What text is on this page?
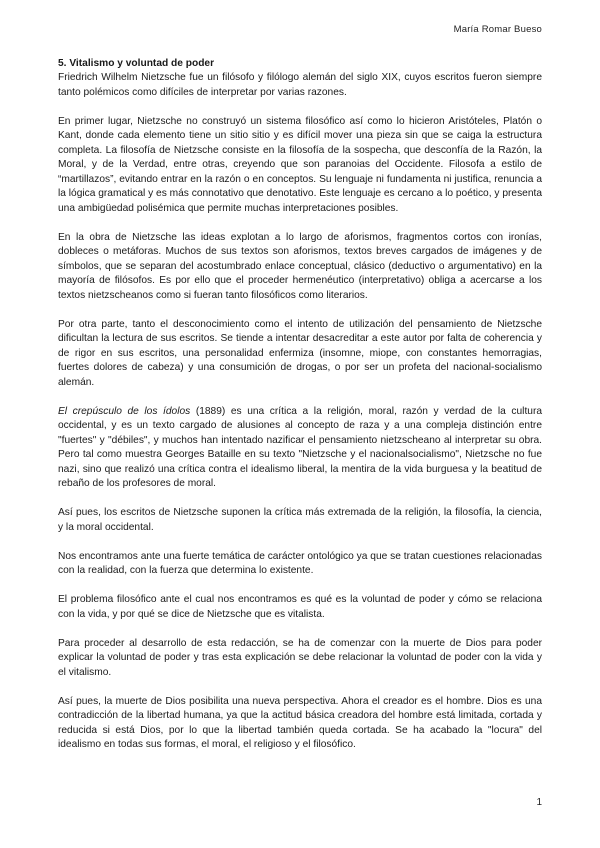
María Romar Bueso

5. Vitalismo y voluntad de poder

Friedrich Wilhelm Nietzsche fue un filósofo y filólogo alemán del siglo XIX, cuyos escritos fueron siempre tanto polémicos como difíciles de interpretar por varias razones.

En primer lugar, Nietzsche no construyó un sistema filosófico así como lo hicieron Aristóteles, Platón o Kant, donde cada elemento tiene un sitio sitio y es difícil mover una pieza sin que se caiga la estructura completa. La filosofía de Nietzsche consiste en la filosofía de la sospecha, que desconfía de la Razón, la Moral, y de la Verdad, entre otras, creyendo que son paranoias del Occidente. Filosofa a estilo de “martillazos”, evitando entrar en la razón o en conceptos. Su lenguaje ni fundamenta ni justifica, renuncia a la lógica gramatical y es más connotativo que denotativo. Este lenguaje es cercano a lo poético, y presenta una ambigüedad polisémica que permite muchas interpretaciones posibles.

En la obra de Nietzsche las ideas explotan a lo largo de aforismos, fragmentos cortos con ironías, dobleces o metáforas. Muchos de sus textos son aforismos, textos breves cargados de imágenes y de símbolos, que se separan del acostumbrado enlace conceptual, clásico (deductivo o argumentativo) en la mayoría de filósofos. Es por ello que el proceder hermenéutico (interpretativo) obliga a acercarse a los textos nietzscheanos como si fueran tanto filosóficos como literarios.

Por otra parte, tanto el desconocimiento como el intento de utilización del pensamiento de Nietzsche dificultan la lectura de sus escritos. Se tiende a intentar desacreditar a este autor por falta de coherencia y de rigor en sus escritos, una personalidad enfermiza (insomne, miope, con constantes hemorragias, fuertes dolores de cabeza) y una consumición de drogas, o por ser un profeta del nacional-socialismo alemán.

El crepúsculo de los ídolos (1889) es una crítica a la religión, moral, razón y verdad de la cultura occidental, y es un texto cargado de alusiones al concepto de raza y a una compleja distinción entre "fuertes" y "débiles", y muchos han intentado nazificar el pensamiento nietzscheano al interpretar su obra. Pero tal como muestra Georges Bataille en su texto "Nietzsche y el nacionalsocialismo", Nietzsche no fue nazi, sino que realizó una crítica contra el idealismo liberal, la mentira de la vida burguesa y la beatitud de rebaño de los profesores de moral.

Así pues, los escritos de Nietzsche suponen la crítica más extremada de la religión, la filosofía, la ciencia, y la moral occidental.

Nos encontramos ante una fuerte temática de carácter ontológico ya que se tratan cuestiones relacionadas con la realidad, con la fuerza que determina lo existente.

El problema filosófico ante el cual nos encontramos es qué es la voluntad de poder y cómo se relaciona con la vida, y por qué se dice de Nietzsche que es vitalista.

Para proceder al desarrollo de esta redacción, se ha de comenzar con la muerte de Dios para poder explicar la voluntad de poder y tras esta explicación se debe relacionar la voluntad de poder con la vida y el vitalismo.

Así pues, la muerte de Dios posibilita una nueva perspectiva. Ahora el creador es el hombre. Dios es una contradicción de la libertad humana, ya que la actitud básica creadora del hombre está limitada, cortada y reducida si está Dios, por lo que la libertad también queda cortada. Se ha acabado la "locura" del idealismo en todas sus formas, el moral, el religioso y el filosófico.

1
